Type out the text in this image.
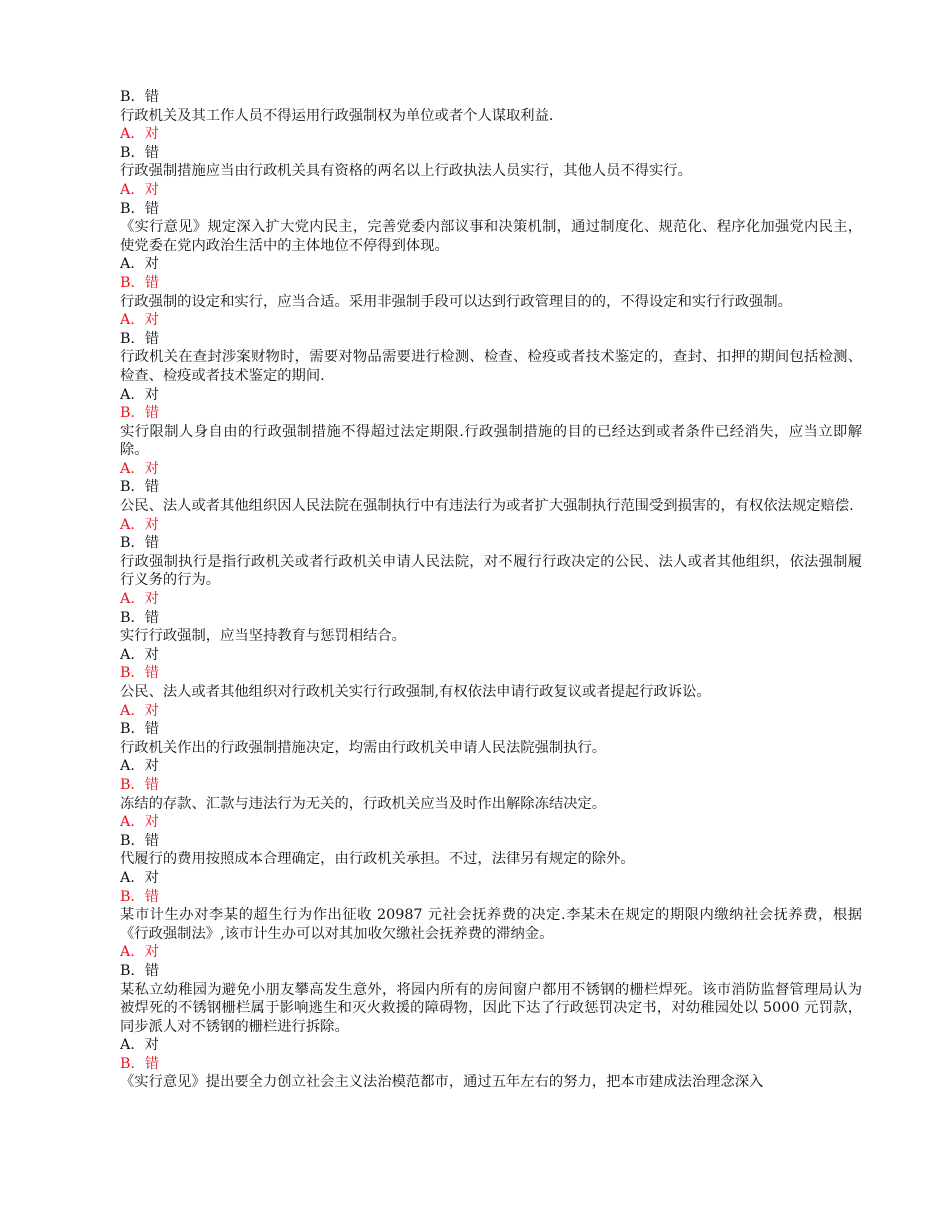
B．错
行政机关及其工作人员不得运用行政强制权为单位或者个人谋取利益.
A．对
B．错
行政强制措施应当由行政机关具有资格的两名以上行政执法人员实行，其他人员不得实行。
A．对
B．错
《实行意见》规定深入扩大党内民主，完善党委内部议事和决策机制，通过制度化、规范化、程序化加强党内民主，使党委在党内政治生活中的主体地位不停得到体现。
A．对
B．错
行政强制的设定和实行，应当合适。采用非强制手段可以达到行政管理目的的，不得设定和实行行政强制。
A．对
B．错
行政机关在查封涉案财物时，需要对物品需要进行检测、检查、检疫或者技术鉴定的，查封、扣押的期间包括检测、检查、检疫或者技术鉴定的期间.
A．对
B．错
实行限制人身自由的行政强制措施不得超过法定期限.行政强制措施的目的已经达到或者条件已经消失，应当立即解除。
A．对
B．错
公民、法人或者其他组织因人民法院在强制执行中有违法行为或者扩大强制执行范围受到损害的，有权依法规定赔偿.
A．对
B．错
行政强制执行是指行政机关或者行政机关申请人民法院，对不履行行政决定的公民、法人或者其他组织，依法强制履行义务的行为。
A．对
B．错
实行行政强制，应当坚持教育与惩罚相结合。
A．对
B．错
公民、法人或者其他组织对行政机关实行行政强制,有权依法申请行政复议或者提起行政诉讼。
A．对
B．错
行政机关作出的行政强制措施决定，均需由行政机关申请人民法院强制执行。
A．对
B．错
冻结的存款、汇款与违法行为无关的，行政机关应当及时作出解除冻结决定。
A．对
B．错
代履行的费用按照成本合理确定，由行政机关承担。不过，法律另有规定的除外。
A．对
B．错
某市计生办对李某的超生行为作出征收 20987 元社会抚养费的决定.李某未在规定的期限内缴纳社会抚养费，根据《行政强制法》,该市计生办可以对其加收欠缴社会抚养费的滞纳金。
A．对
B．错
某私立幼稚园为避免小朋友攀高发生意外，将园内所有的房间窗户都用不锈钢的栅栏焊死。该市消防监督管理局认为被焊死的不锈钢栅栏属于影响逃生和灭火救援的障碍物，因此下达了行政惩罚决定书，对幼稚园处以 5000 元罚款，同步派人对不锈钢的栅栏进行拆除。
A．对
B．错
《实行意见》提出要全力创立社会主义法治模范都市，通过五年左右的努力，把本市建成法治理念深入
